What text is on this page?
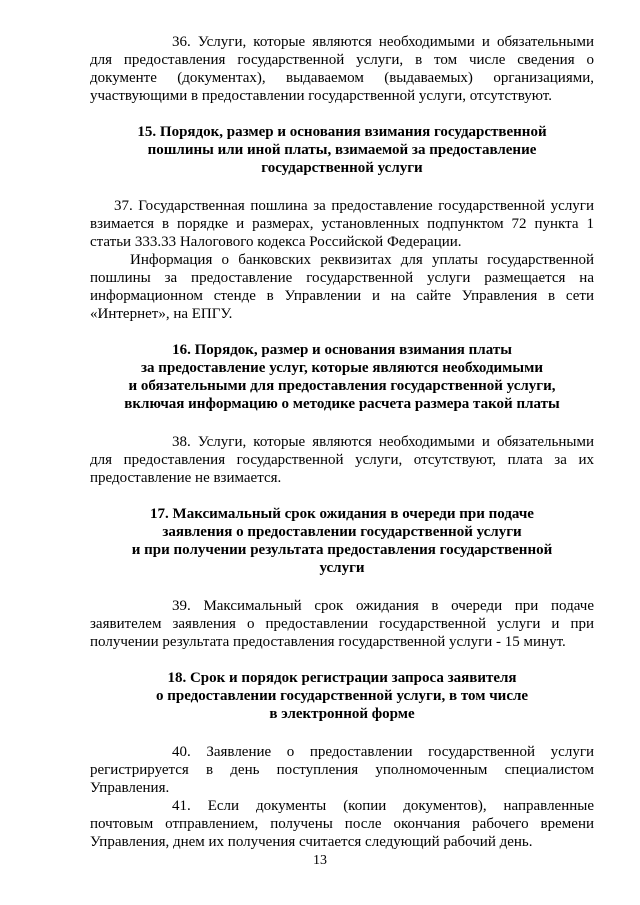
36. Услуги, которые являются необходимыми и обязательными для предоставления государственной услуги, в том числе сведения о документе (документах), выдаваемом (выдаваемых) организациями, участвующими в предоставлении государственной услуги, отсутствуют.

15. Порядок, размер и основания взимания государственной
пошлины или иной платы, взимаемой за предоставление
государственной услуги

37. Государственная пошлина за предоставление государственной услуги взимается в порядке и размерах, установленных подпунктом 72 пункта 1 статьи 333.33 Налогового кодекса Российской Федерации.

Информация о банковских реквизитах для уплаты государственной пошлины за предоставление государственной услуги размещается на информационном стенде в Управлении и на сайте Управления в сети «Интернет», на ЕПГУ.

16. Порядок, размер и основания взимания платы
за предоставление услуг, которые являются необходимыми
и обязательными для предоставления государственной услуги,
включая информацию о методике расчета размера такой платы

38. Услуги, которые являются необходимыми и обязательными для предоставления государственной услуги, отсутствуют, плата за их предоставление не взимается.

17. Максимальный срок ожидания в очереди при подаче
заявления о предоставлении государственной услуги
и при получении результата предоставления государственной
услуги

39. Максимальный срок ожидания в очереди при подаче заявителем заявления о предоставлении государственной услуги и при получении результата предоставления государственной услуги - 15 минут.

18. Срок и порядок регистрации запроса заявителя
о предоставлении государственной услуги, в том числе
в электронной форме

40. Заявление о предоставлении государственной услуги регистрируется в день поступления уполномоченным специалистом Управления.

41. Если документы (копии документов), направленные почтовым отправлением, получены после окончания рабочего времени Управления, днем их получения считается следующий рабочий день.

13
